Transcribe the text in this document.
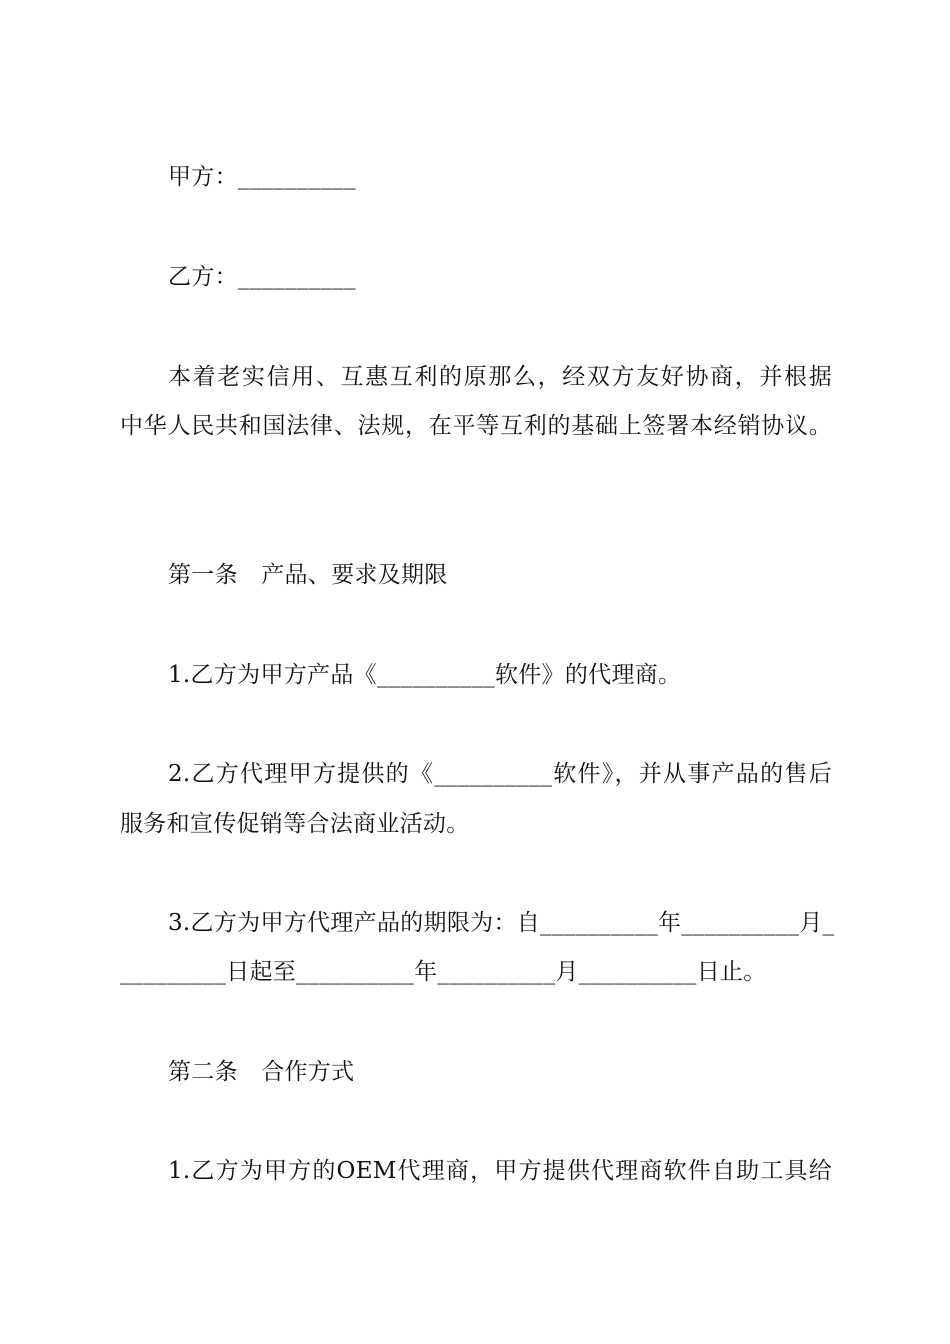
甲方：__________
乙方：__________
本着老实信用、互惠互利的原那么，经双方友好协商，并根据
中华人民共和国法律、法规，在平等互利的基础上签署本经销协议。
第一条　产品、要求及期限
1.乙方为甲方产品《__________软件》的代理商。
2.乙方代理甲方提供的《__________软件》，并从事产品的售后
服务和宣传促销等合法商业活动。
3.乙方为甲方代理产品的期限为：自__________年__________月_
_________日起至__________年__________月__________日止。
第二条　合作方式
1.乙方为甲方的OEM代理商，甲方提供代理商软件自助工具给
